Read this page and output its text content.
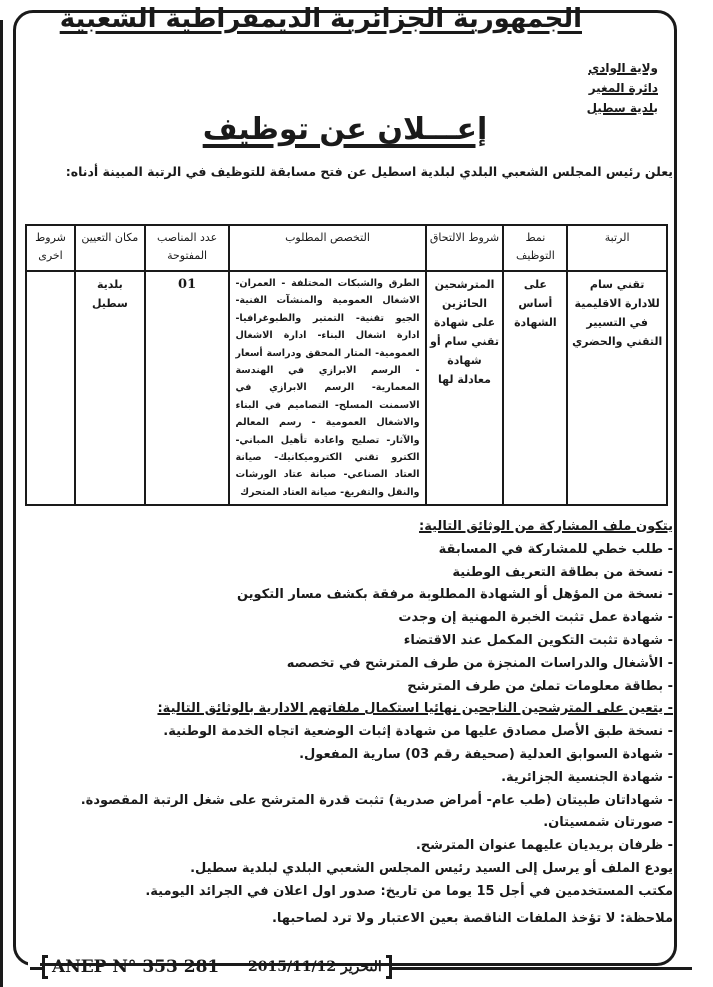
الجمهورية الجزائرية الديمقراطية الشعبية
ولاية الوادي
دائرة المغير
بلدية سطيل
إعـــلان عن توظيف
يعلن رئيس المجلس الشعبي البلدي لبلدية اسطيل عن فتح مسابقة للتوظيف في الرتبة المبينة أدناه:
الرتبة	نمط التوظيف	شروط الالتحاق	التخصص المطلوب	عدد المناصب المفتوحة	مكان التعيين	شروط اخرى
تقني سام للادارة الاقليمية في التسيير التقني والحضري	على أساس الشهادة	المترشحين الحائزين على شهادة تقني سام أو شهادة معادلة لها	الطرق والشبكات المختلفة - العمران- الاشغال العمومية والمنشآت الفنية- الجيو تقنية- التمتير والطبوغرافيا- ادارة اشغال البناء- ادارة الاشغال العمومية- المتار المحقق ودراسة أسعار - الرسم الابرازي في الهندسة المعمارية- الرسم الابرازي في الاسمنت المسلح- التصاميم في البناء والاشغال العمومية - رسم المعالم والآثار- تصليح واعادة تأهيل المباني- الكترو تقني الكتروميكانيك- صيانة العتاد الصناعي- صيانة عتاد الورشات والنقل والتفريغ- صيانة العتاد المتحرك	01	بلدية سطيل	
يتكون ملف المشاركة من الوثائق التالية:
- طلب خطي للمشاركة في المسابقة
- نسخة من بطاقة التعريف الوطنية
- نسخة من المؤهل أو الشهادة المطلوبة مرفقة بكشف مسار التكوين
- شهادة عمل تثبت الخبرة المهنية إن وجدت
- شهادة تثبت التكوين المكمل عند الاقتضاء
- الأشغال والدراسات المنجزة من طرف المترشح في تخصصه
- بطاقة معلومات تملئ من طرف المترشح
- يتعين على المترشحين الناجحين نهائيا استكمال ملفاتهم الادارية بالوثائق التالية:
- نسخة طبق الأصل مصادق عليها من شهادة إثبات الوضعية اتجاه الخدمة الوطنية.
- شهادة السوابق العدلية (صحيفة رقم 03) سارية المفعول.
- شهادة الجنسية الجزائرية.
- شهاداتان طبيتان (طب عام- أمراض صدرية) تثبت قدرة المترشح على شغل الرتبة المقصودة.
- صورتان شمسيتان.
- ظرفان بريديان عليهما عنوان المترشح.
يودع الملف أو يرسل إلى السيد رئيس المجلس الشعبي البلدي لبلدية سطيل.
مكتب المستخدمين في أجل 15 يوما من تاريخ: صدور اول اعلان في الجرائد اليومية.
ملاحظة: لا تؤخذ الملفات الناقصة بعين الاعتبار ولا ترد لصاحبها.
ANEP N° 353 281	التحرير 2015/11/12
